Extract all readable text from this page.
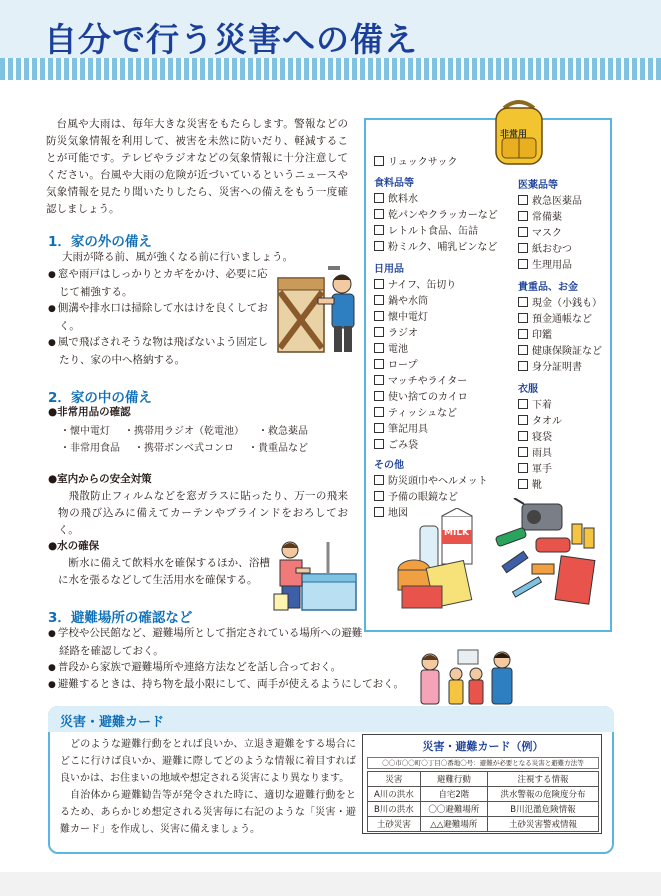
自分で行う災害への備え
台風や大雨は、毎年大きな災害をもたらします。警報などの防災気象情報を利用して、被害を未然に防いだり、軽減することが可能です。テレビやラジオなどの気象情報に十分注意してください。台風や大雨の危険が近づいているというニュースや気象情報を見たり聞いたりしたら、災害への備えをもう一度確認しましょう。
1．家の外の備え
大雨が降る前、風が強くなる前に行いましょう。
● 窓や雨戸はしっかりとカギをかけ、必要に応じて補強する。
● 側溝や排水口は掃除して水はけを良くしておく。
● 風で飛ばされそうな物は飛ばないよう固定したり、家の中へ格納する。
2．家の中の備え
●非常用品の確認
・ 懐中電灯	・ 携帯用ラジオ（乾電池）	・ 救急薬品
・ 非常用食品	・ 携帯ボンベ式コンロ	・ 貴重品など
●室内からの安全対策
飛散防止フィルムなどを窓ガラスに貼ったり、万一の飛来物の飛び込みに備えてカーテンやブラインドをおろしておく。
●水の確保
断水に備えて飲料水を確保するほか、浴槽に水を張るなどして生活用水を確保する。
3．避難場所の確認など
● 学校や公民館など、避難場所として指定されている場所への避難経路を確認しておく。
● 普段から家族で避難場所や連絡方法などを話し合っておく。
● 避難するときは、持ち物を最小限にして、両手が使えるようにしておく。
非常用
リュックサック
食料品等
飲料水
乾パンやクラッカーなど
レトルト食品、缶詰
粉ミルク、哺乳ビンなど
日用品
ナイフ、缶切り
鍋や水筒
懐中電灯
ラジオ
電池
ロープ
マッチやライター
使い捨てのカイロ
ティッシュなど
筆記用具
ごみ袋
その他
防災頭巾やヘルメット
予備の眼鏡など
地図
医薬品等
救急医薬品
常備薬
マスク
紙おむつ
生理用品
貴重品、お金
現金（小銭も）
預金通帳など
印鑑
健康保険証など
身分証明書
衣服
下着
タオル
寝袋
雨具
軍手
靴
MILK
災害・避難カード

どのような避難行動をとれば良いか、立退き避難をする場合にどこに行けば良いか、避難に際してどのような情報に着目すれば良いかは、お住まいの地域や想定される災害により異なります。

自治体から避難勧告等が発令された時に、適切な避難行動をとるため、あらかじめ想定される災害毎に右記のような「災害・避難カード」を作成し、災害に備えましょう。

災害・避難カード（例）
〇〇市〇〇町〇丁目〇番地〇号：避難が必要となる災害と避難方法等
災害	避難行動	注視する情報
A川の洪水	自宅2階	洪水警報の危険度分布
B川の洪水	〇〇避難場所	B川氾濫危険情報
土砂災害	△△避難場所	土砂災害警戒情報
